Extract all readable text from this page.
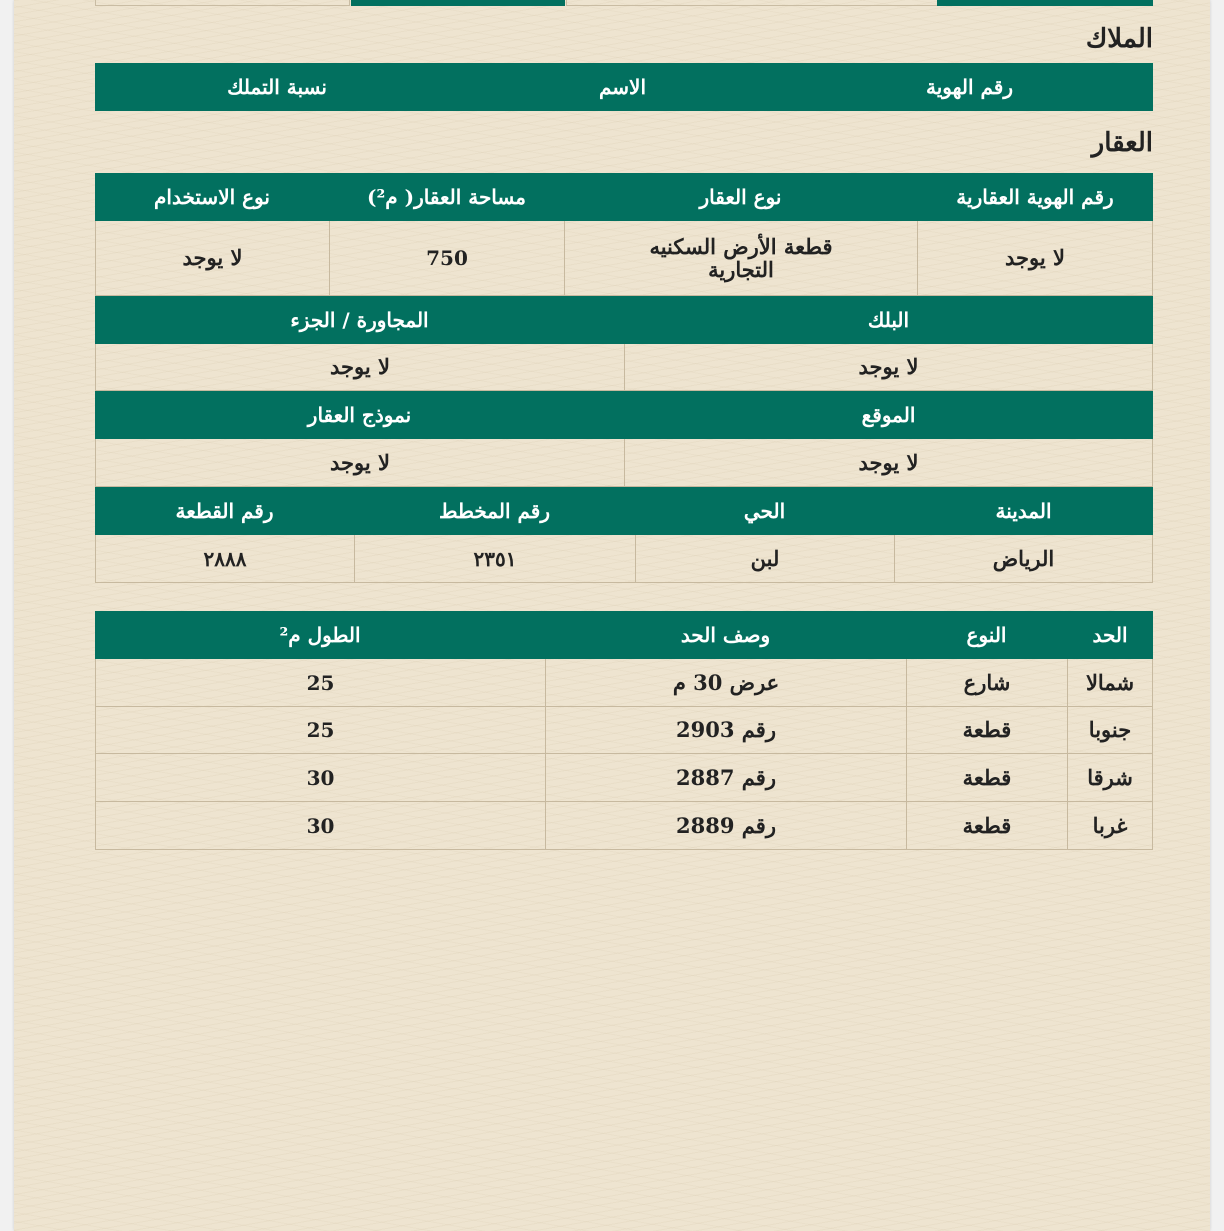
الملاك
رقم الهوية
الاسم
نسبة التملك
العقار
رقم الهوية العقارية
نوع العقار
مساحة العقار( م²)
نوع الاستخدام
لا يوجد
قطعة الأرض السكنيه التجارية
750
لا يوجد
البلك
المجاورة / الجزء
لا يوجد
لا يوجد
الموقع
نموذج العقار
لا يوجد
لا يوجد
المدينة
الحي
رقم المخطط
رقم القطعة
الرياض
لبن
٢٣٥١
٢٨٨٨
الحد
النوع
وصف الحد
الطول م²
شمالا
شارع
عرض 30 م
25
جنوبا
قطعة
رقم 2903
25
شرقا
قطعة
رقم 2887
30
غربا
قطعة
رقم 2889
30
